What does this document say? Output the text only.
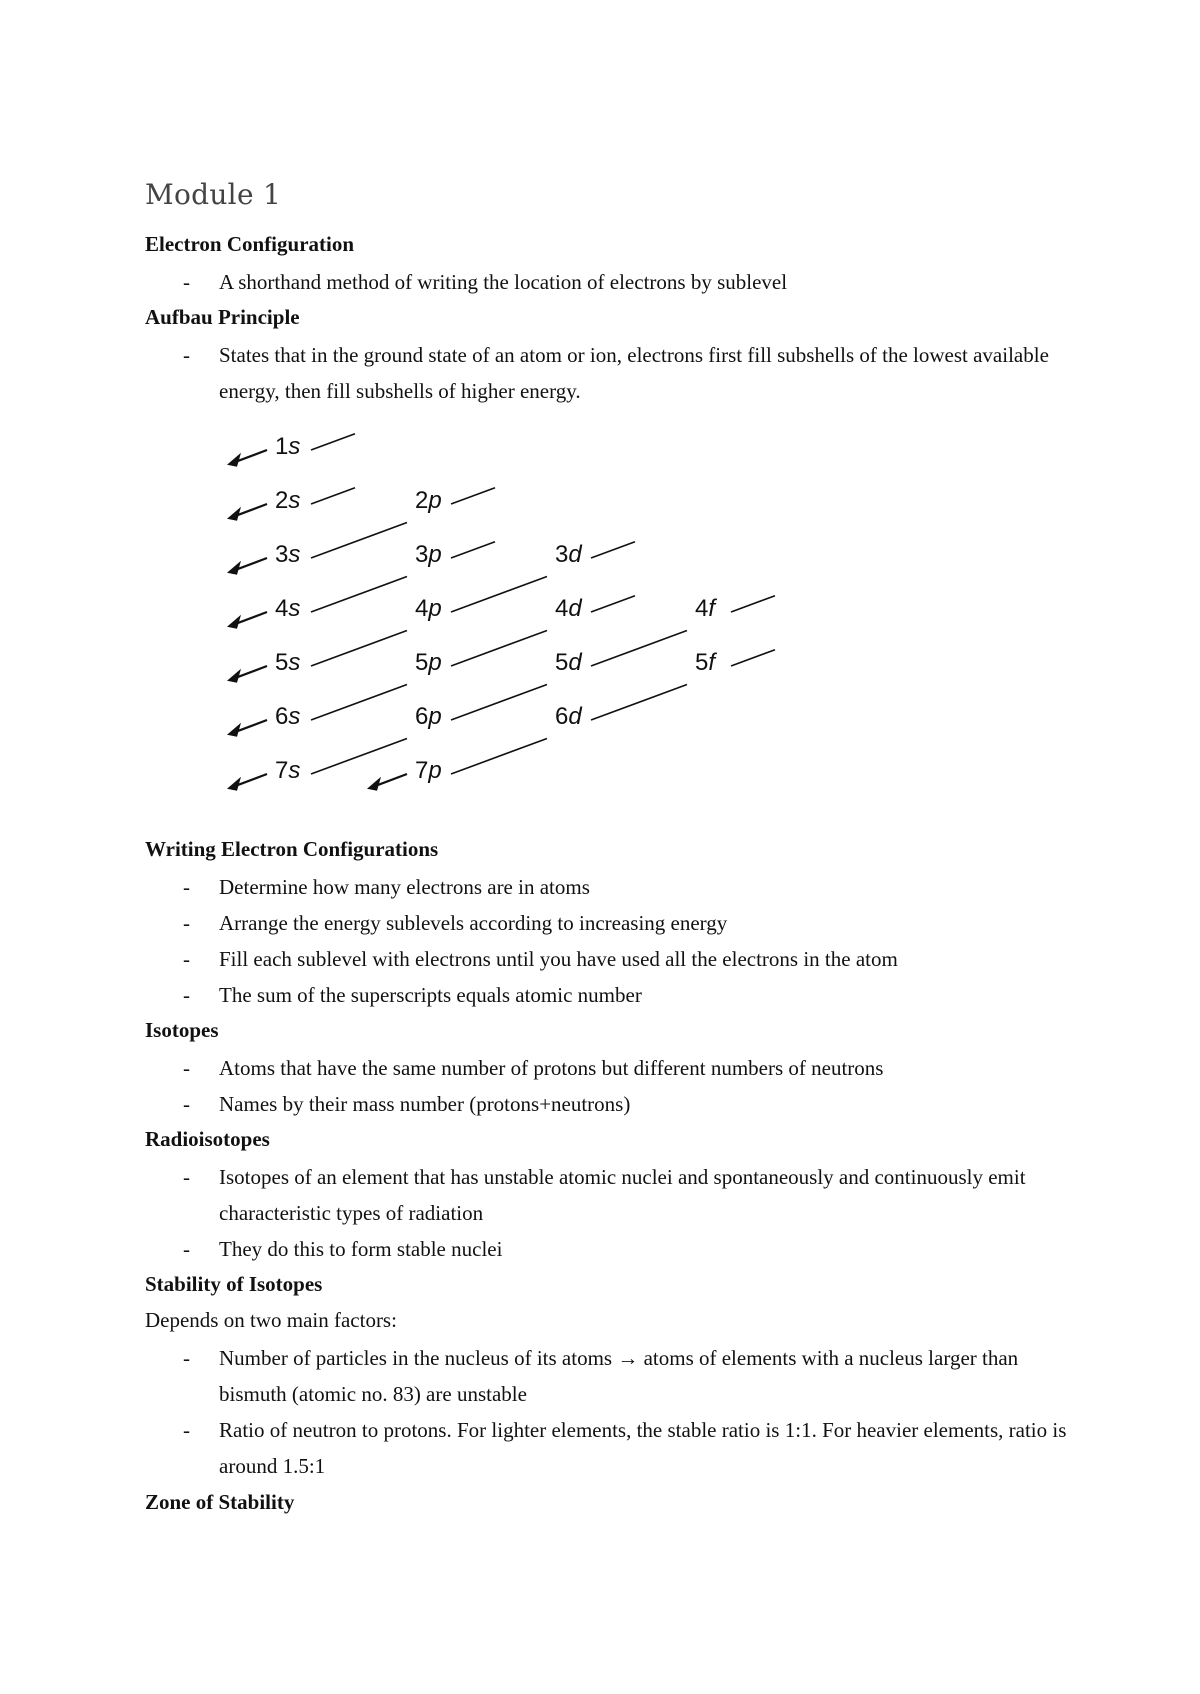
Module 1
Electron Configuration
- A shorthand method of writing the location of electrons by sublevel
Aufbau Principle
- States that in the ground state of an atom or ion, electrons first fill subshells of the lowest available energy, then fill subshells of higher energy.
1s
2s	2p
3s	3p	3d
4s	4p	4d	4f
5s	5p	5d	5f
6s	6p	6d
7s	7p
Writing Electron Configurations
- Determine how many electrons are in atoms
- Arrange the energy sublevels according to increasing energy
- Fill each sublevel with electrons until you have used all the electrons in the atom
- The sum of the superscripts equals atomic number
Isotopes
- Atoms that have the same number of protons but different numbers of neutrons
- Names by their mass number (protons+neutrons)
Radioisotopes
- Isotopes of an element that has unstable atomic nuclei and spontaneously and continuously emit characteristic types of radiation
- They do this to form stable nuclei
Stability of Isotopes

Depends on two main factors:

- Number of particles in the nucleus of its atoms → atoms of elements with a nucleus larger than bismuth (atomic no. 83) are unstable
- Ratio of neutron to protons. For lighter elements, the stable ratio is 1:1. For heavier elements, ratio is around 1.5:1
Zone of Stability
